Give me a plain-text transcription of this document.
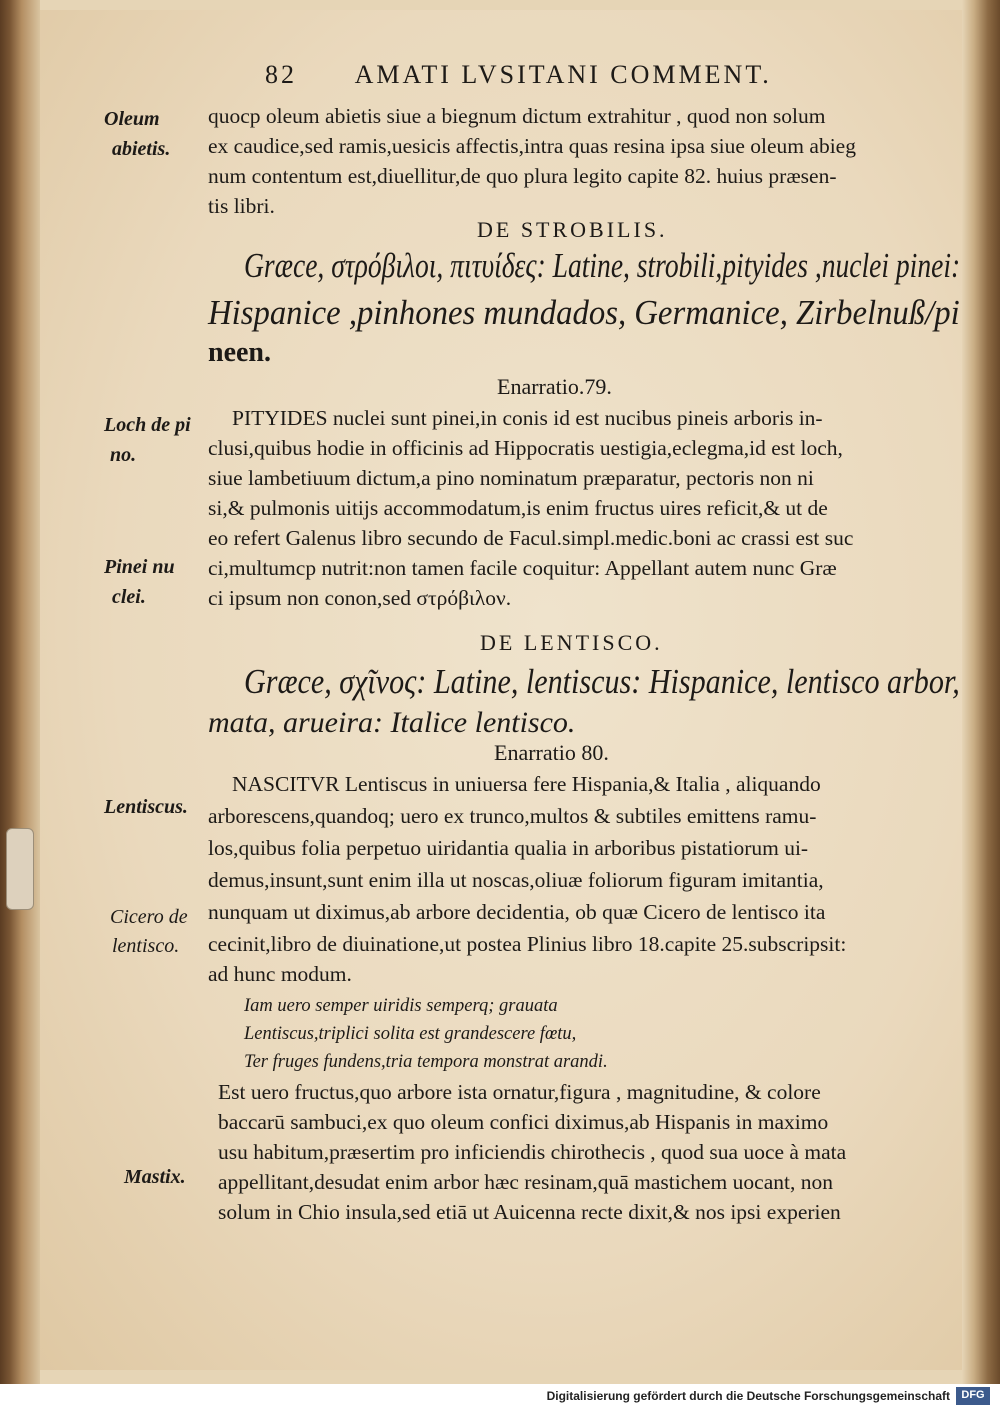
82 AMATI LVSITANI COMMENT.
Oleum
abietis.
Loch de pi
no.
Pinei nu
clei.
Lentiscus.
Cicero de
lentisco.
Mastix.
quocp oleum abietis siue a biegnum dictum extrahitur , quod non solum
ex caudice,sed ramis,uesicis affectis,intra quas resina ipsa siue oleum abieg
num contentum est,diuellitur,de quo plura legito capite 82. huius præsen-
tis libri.
DE STROBILIS.
Græce, στρόβιλοι, πιτυίδες: Latine, strobili,pityides ,nuclei pinei:
Hispanice ,pinhones mundados, Germanice, Zirbelnuß/pi
neen.
Enarratio.79.
PITYIDES nuclei sunt pinei,in conis id est nucibus pineis arboris in-
clusi,quibus hodie in officinis ad Hippocratis uestigia,eclegma,id est loch,
siue lambetiuum dictum,a pino nominatum præparatur, pectoris non ni
si,& pulmonis uitijs accommodatum,is enim fructus uires reficit,& ut de
eo refert Galenus libro secundo de Facul.simpl.medic.boni ac crassi est suc
ci,multumcp nutrit:non tamen facile coquitur: Appellant autem nunc Græ
ci ipsum non conon,sed στρόβιλον.
DE LENTISCO.
Græce, σχῖνος: Latine, lentiscus: Hispanice, lentisco arbor,
mata, arueira: Italice lentisco.
Enarratio 80.
NASCITVR Lentiscus in uniuersa fere Hispania,& Italia , aliquando
arborescens,quandoq; uero ex trunco,multos & subtiles emittens ramu-
los,quibus folia perpetuo uiridantia qualia in arboribus pistatiorum ui-
demus,insunt,sunt enim illa ut noscas,oliuæ foliorum figuram imitantia,
nunquam ut diximus,ab arbore decidentia, ob quæ Cicero de lentisco ita
cecinit,libro de diuinatione,ut postea Plinius libro 18.capite 25.subscripsit:
ad hunc modum.
Iam uero semper uiridis semperq; grauata
Lentiscus,triplici solita est grandescere fœtu,
Ter fruges fundens,tria tempora monstrat arandi.
Est uero fructus,quo arbore ista ornatur,figura , magnitudine, & colore
baccarū sambuci,ex quo oleum confici diximus,ab Hispanis in maximo
usu habitum,præsertim pro inficiendis chirothecis , quod sua uoce à mata
appellitant,desudat enim arbor hæc resinam,quā mastichem uocant, non
solum in Chio insula,sed etiā ut Auicenna recte dixit,& nos ipsi experien
Digitalisierung gefördert durch die Deutsche Forschungsgemeinschaft	DFG
